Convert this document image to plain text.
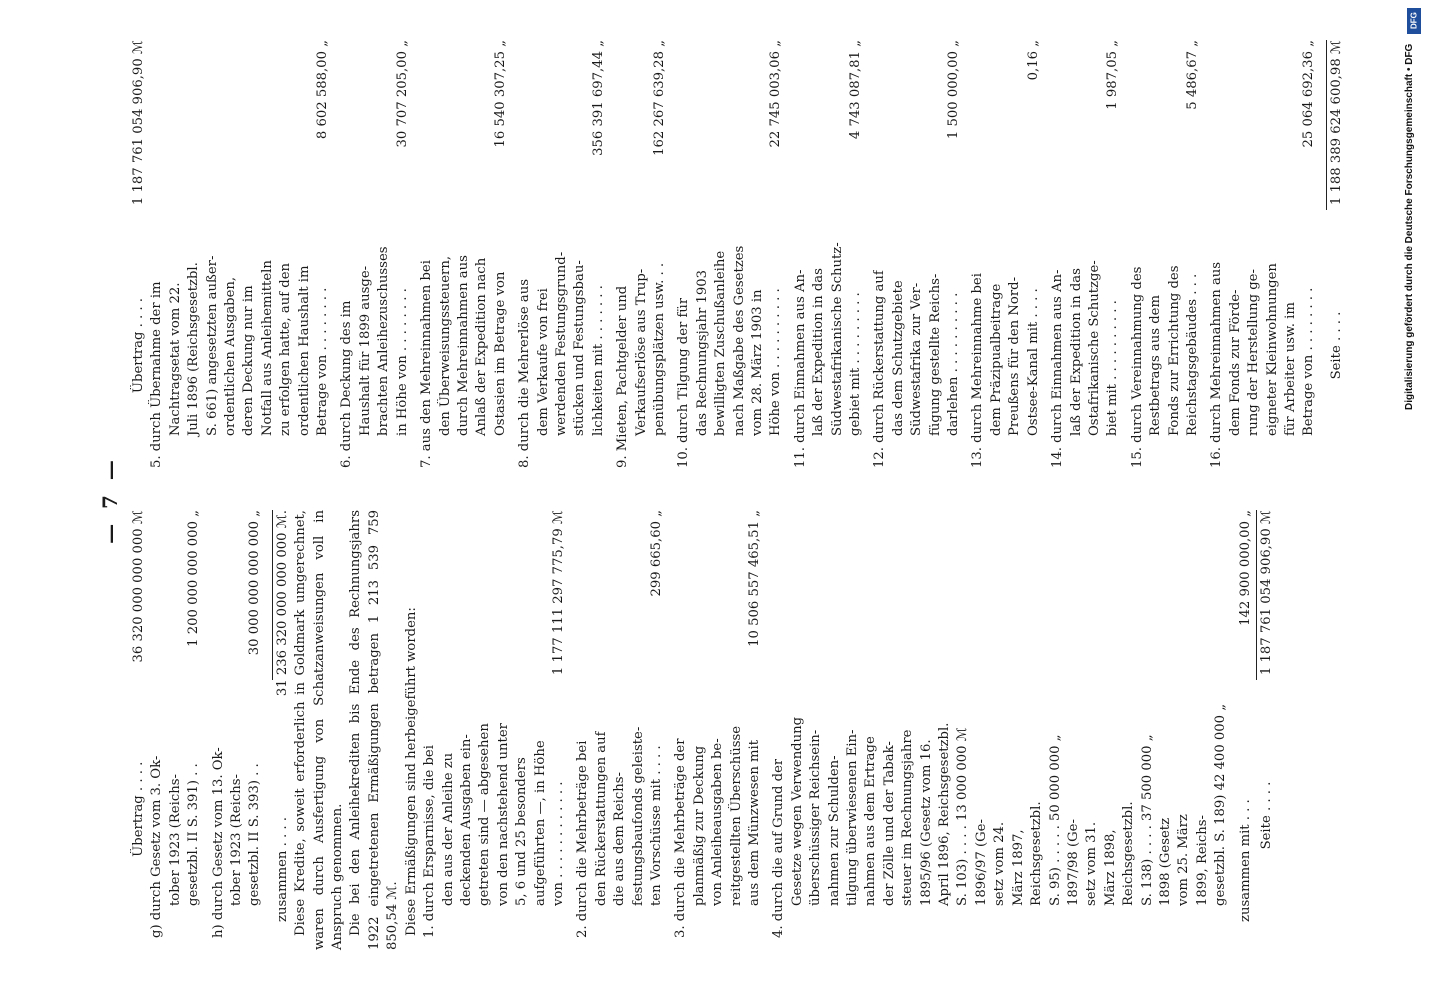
— 7 —
Übertrag . . . .
36 320 000 000 000 ℳ
g) durch Gesetz vom 3. Ok- tober 1923 (Reichs- gesetzbl. II S. 391) . .
1 200 000 000 000 „
h) durch Gesetz vom 13. Ok- tober 1923 (Reichs- gesetzbl. II S. 393) . .
30 000 000 000 000 „
zusammen . . . .
31 236 320 000 000 000 ℳ. Diese Kredite, soweit erforderlich in Goldmark umgerechnet, waren durch Ausfertigung von Schatzanweisungen voll in Anspruch genommen. Die bei den Anleihekrediten bis Ende des Rechnungsjahrs 1922 eingetretenen Ermäßigungen betragen 1 213 539 759 850,54 ℳ. Diese Ermäßigungen sind herbeigeführt worden: 1. durch Ersparnisse, die bei den aus der Anleihe zu deckenden Ausgaben ein- getreten sind — abgesehen von den nachstehend unter 5, 6 und 25 besonders aufgeführten —, in Höhe von . . . . . . . . . . . .
1 177 111 297 775,79 ℳ
2. durch die Mehrbeträge bei den Rückerstattungen auf die aus dem Reichs- festungsbaufonds geleiste- ten Vorschüsse mit . . . .
299 665,60 „
3. durch die Mehrbeträge der planmäßig zur Deckung von Anleiheausgaben be- reitgestellten Überschüsse aus dem Münzwesen mit
10 506 557 465,51 „
4. durch die auf Grund der Gesetze wegen Verwendung überschüssiger Reichsein- nahmen zur Schulden- tilgung überwiesenen Ein- nahmen aus dem Ertrage der Zölle und der Tabak- steuer im Rechnungsjahre 1895/96 (Gesetz vom 16. April 1896, Reichsgesetzbl. S. 103) . . . . 13 000 000 ℳ 1896/97 (Ge- setz vom 24. März 1897, Reichsgesetzbl. S. 95) . . . . . 50 000 000 „ 1897/98 (Ge- setz vom 31. März 1898, Reichsgesetzbl. S. 138) . . . . 37 500 000 „ 1898 (Gesetz vom 25. März 1899, Reichs- gesetzbl. S. 189) 42 400 000 „ zusammen mit . . .
142 900 000,00 „
Seite . . . .
1 187 761 054 906,90 ℳ
Übertrag . . . .
1 187 761 054 906,90 ℳ
5. durch Übernahme der im Nachtragsetat vom 22. Juli 1896 (Reichsgesetzbl. S. 661) angesetzten außer- ordentlichen Ausgaben, deren Deckung nur im Notfall aus Anleihemitteln zu erfolgen hatte, auf den ordentlichen Haushalt im Betrage von . . . . . . . .
8 602 588,00 „
6. durch Deckung des im Haushalt für 1899 ausge- brachten Anleihezuschusses in Höhe von . . . . . . . .
30 707 205,00 „
7. aus den Mehreinnahmen bei den Überweisungssteuern, durch Mehreinnahmen aus Anlaß der Expedition nach Ostasien im Betrage von
16 540 307,25 „
8. durch die Mehrerlöse aus dem Verkaufe von frei werdenden Festungsgrund- stücken und Festungsbau- lichkeiten mit . . . . . . .
356 391 697,44 „
9. Mieten, Pachtgelder und Verkaufserlöse aus Trup- penübungsplätzen usw. . .
162 267 639,28 „
10. durch Tilgung der für das Rechnungsjahr 1903 bewilligten Zuschußanleihe nach Maßgabe des Gesetzes vom 28. März 1903 in Höhe von . . . . . . . . . .
22 745 003,06 „
11. durch Einnahmen aus An- laß der Expedition in das Südwestafrikanische Schutz- gebiet mit . . . . . . . . .
4 743 087,81 „
12. durch Rückerstattung auf das dem Schutzgebiete Südwestafrika zur Ver- fügung gestellte Reichs- darlehen . . . . . . . . . .
1 500 000,00 „
13. durch Mehreinnahme bei dem Präzipualbeitrage Preußens für den Nord- Ostsee-Kanal mit . . . .
0,16 „
14. durch Einnahmen aus An- laß der Expedition in das Ostafrikanische Schutzge- biet mit . . . . . . . . . .
1 987,05 „
15. durch Vereinnahmung des Restbetrags aus dem Fonds zur Errichtung des Reichstagsgebäudes . . .
5 486,67 „
16. durch Mehreinnahmen aus dem Fonds zur Förde- rung der Herstellung ge- eigneter Kleinwohnungen für Arbeiter usw. im Betrage von . . . . . . . .
25 064 692,36 „
Seite . . . .
1 188 389 624 600,98 ℳ
DFG
Digitalisierung gefördert durch die Deutsche Forschungsgemeinschaft • DFG
